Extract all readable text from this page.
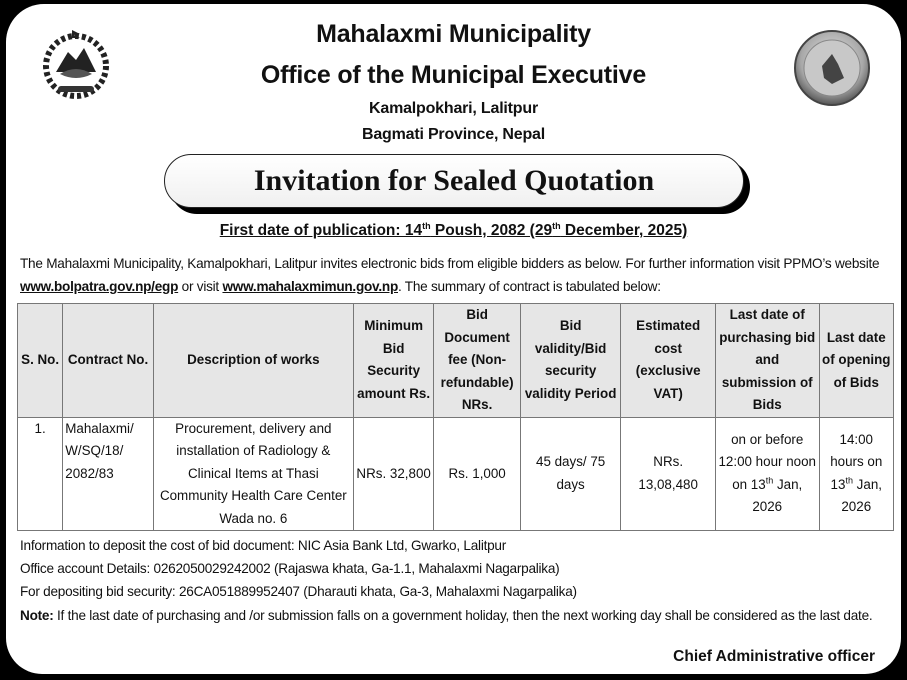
Mahalaxmi Municipality
Office of the Municipal Executive
Kamalpokhari, Lalitpur
Bagmati Province, Nepal
Invitation for Sealed Quotation
First date of publication: 14th Poush, 2082 (29th December, 2025)
The Mahalaxmi Municipality, Kamalpokhari, Lalitpur invites electronic bids from eligible bidders as below. For further information visit PPMO’s website www.bolpatra.gov.np/egp or visit www.mahalaxmimun.gov.np. The summary of contract is tabulated below:
S. No.	Contract No.	Description of works	Minimum Bid Security amount Rs.	Bid Document fee (Non-refundable) NRs.	Bid validity/Bid security validity Period	Estimated cost (exclusive VAT)	Last date of purchasing bid and submission of Bids	Last date of opening of Bids
1.	Mahalaxmi/ W/SQ/18/ 2082/83	Procurement, delivery and installation of Radiology & Clinical Items at Thasi Community Health Care Center Wada no. 6	NRs. 32,800	Rs. 1,000	45 days/ 75 days	NRs. 13,08,480	on or before 12:00 hour noon on 13th Jan, 2026	14:00 hours on 13th Jan, 2026

Information to deposit the cost of bid document: NIC Asia Bank Ltd, Gwarko, Lalitpur

Office account Details: 0262050029242002 (Rajaswa khata, Ga-1.1, Mahalaxmi Nagarpalika)

For depositing bid security: 26CA051889952407 (Dharauti khata, Ga-3, Mahalaxmi Nagarpalika)

Note: If the last date of purchasing and /or submission falls on a government holiday, then the next working day shall be considered as the last date.

Chief Administrative officer
